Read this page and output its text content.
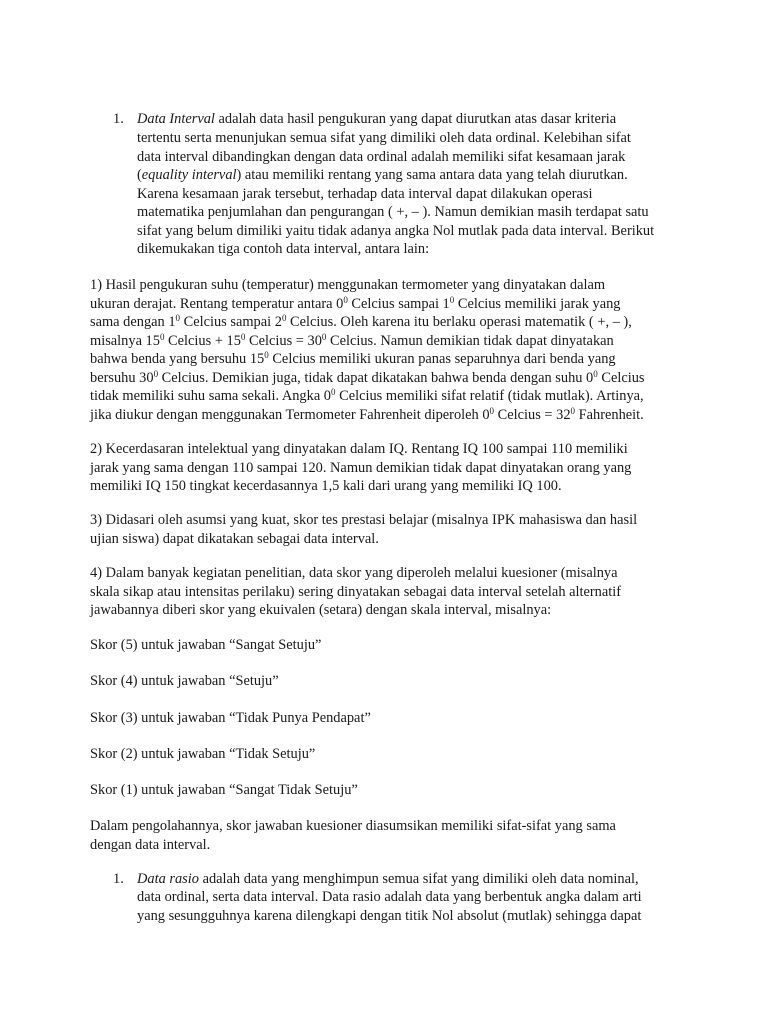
1. Data Interval adalah data hasil pengukuran yang dapat diurutkan atas dasar kriteria
tertentu serta menunjukan semua sifat yang dimiliki oleh data ordinal. Kelebihan sifat
data interval dibandingkan dengan data ordinal adalah memiliki sifat kesamaan jarak
(equality interval) atau memiliki rentang yang sama antara data yang telah diurutkan.
Karena kesamaan jarak tersebut, terhadap data interval dapat dilakukan operasi
matematika penjumlahan dan pengurangan ( +, – ). Namun demikian masih terdapat satu
sifat yang belum dimiliki yaitu tidak adanya angka Nol mutlak pada data interval. Berikut
dikemukakan tiga contoh data interval, antara lain:
1) Hasil pengukuran suhu (temperatur) menggunakan termometer yang dinyatakan dalam
ukuran derajat. Rentang temperatur antara $0^0$ Celcius sampai $1^0$ Celcius memiliki jarak yang
sama dengan $1^0$ Celcius sampai $2^0$ Celcius. Oleh karena itu berlaku operasi matematik ( +, – ),
misalnya $15^0$ Celcius + $15^0$ Celcius = $30^0$ Celcius. Namun demikian tidak dapat dinyatakan
bahwa benda yang bersuhu $15^0$ Celcius memiliki ukuran panas separuhnya dari benda yang
bersuhu $30^0$ Celcius. Demikian juga, tidak dapat dikatakan bahwa benda dengan suhu $0^0$ Celcius
tidak memiliki suhu sama sekali. Angka $0^0$ Celcius memiliki sifat relatif (tidak mutlak). Artinya,
jika diukur dengan menggunakan Termometer Fahrenheit diperoleh $0^0$ Celcius = $32^0$ Fahrenheit.
2) Kecerdasaran intelektual yang dinyatakan dalam IQ. Rentang IQ 100 sampai 110 memiliki
jarak yang sama dengan 110 sampai 120. Namun demikian tidak dapat dinyatakan orang yang
memiliki IQ 150 tingkat kecerdasannya 1,5 kali dari urang yang memiliki IQ 100.
3) Didasari oleh asumsi yang kuat, skor tes prestasi belajar (misalnya IPK mahasiswa dan hasil
ujian siswa) dapat dikatakan sebagai data interval.
4) Dalam banyak kegiatan penelitian, data skor yang diperoleh melalui kuesioner (misalnya
skala sikap atau intensitas perilaku) sering dinyatakan sebagai data interval setelah alternatif
jawabannya diberi skor yang ekuivalen (setara) dengan skala interval, misalnya:
Skor (5) untuk jawaban “Sangat Setuju”
Skor (4) untuk jawaban “Setuju”
Skor (3) untuk jawaban “Tidak Punya Pendapat”
Skor (2) untuk jawaban “Tidak Setuju”
Skor (1) untuk jawaban “Sangat Tidak Setuju”
Dalam pengolahannya, skor jawaban kuesioner diasumsikan memiliki sifat-sifat yang sama
dengan data interval.
1. Data rasio adalah data yang menghimpun semua sifat yang dimiliki oleh data nominal,
data ordinal, serta data interval. Data rasio adalah data yang berbentuk angka dalam arti
yang sesungguhnya karena dilengkapi dengan titik Nol absolut (mutlak) sehingga dapat
